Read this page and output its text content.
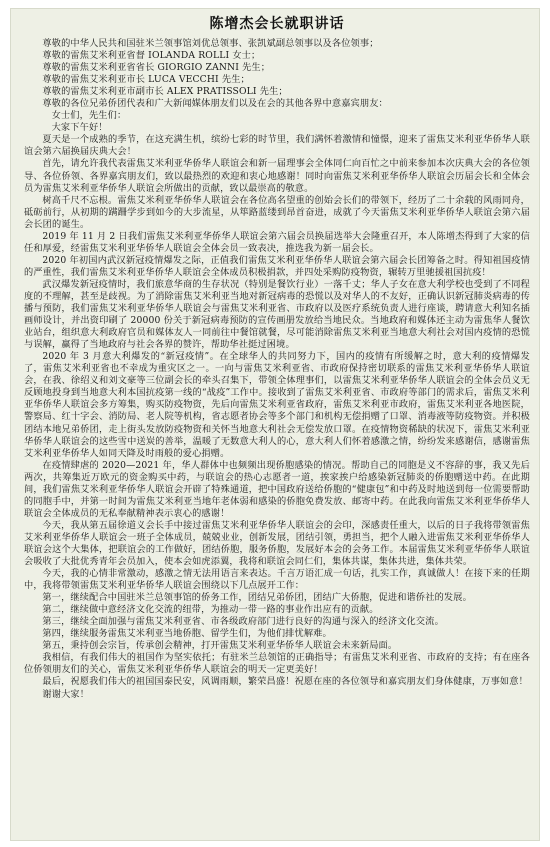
陈增杰会长就职讲话

尊敬的中华人民共和国驻米兰领事馆刘优总领事、张凯斌副总领事以及各位领事；

尊敬的雷焦艾米利亚省督 IOLANDA ROLLI 女士；

尊敬的雷焦艾米利亚省省长 GIORGIO ZANNI 先生；

尊敬的雷焦艾米利亚市长 LUCA VECCHI 先生；

尊敬的雷焦艾米利亚市副市长 ALEX PRATISSOLI 先生；

尊敬的各位兄弟侨团代表和广大新闻媒体朋友们以及在会的其他各界中意嘉宾朋友：

女士们，先生们：

大家下午好！

夏天是一个成熟的季节，在这充满生机，缤纷七彩的时节里，我们满怀着激情和憧憬，迎来了雷焦艾米利亚华侨华人联谊会第六届换届庆典大会！

首先，请允许我代表雷焦艾米利亚华侨华人联谊会和新一届理事会全体同仁向百忙之中前来参加本次庆典大会的各位领导、各位侨领、各界嘉宾朋友们，致以最热烈的欢迎和衷心地感谢！同时向雷焦艾米利亚华侨华人联谊会历届会长和全体会员为雷焦艾米利亚华侨华人联谊会所做出的贡献，致以最崇高的敬意。

树高千尺不忘根。雷焦艾米利亚华侨华人联谊会在各位高名望重的创始会长们的带领下，经历了二十余载的风雨同舟，砥砺前行，从初期的蹒跚学步到如今的大步流星，从筚路蓝缕到昂首奋进，成就了今天雷焦艾米利亚华侨华人联谊会第六届会长团的诞生。

2019 年 11 月 2 日我们雷焦艾米利亚华侨华人联谊会第六届会员换届选举大会隆重召开，本人陈增杰得到了大家的信任和厚爱，经雷焦艾米利亚华侨华人联谊会全体会员一致表决，推选我为新一届会长。

2020 年初国内武汉新冠疫情爆发之际，正值我们雷焦艾米利亚华侨华人联谊会第六届会长团筹备之时。得知祖国疫情的严重性，我们雷焦艾米利亚华侨华人联谊会全体成员积极捐款，并四处采购防疫物资，辗转万里驰援祖国抗疫！

武汉爆发新冠疫情时，我们旅意华商的生存状况（特别是餐饮行业）一落千丈；华人子女在意大利学校也受到了不同程度的不理解，甚至是歧视。为了消除雷焦艾米利亚当地对新冠病毒的恐慌以及对华人的不友好，正确认识新冠肺炎病毒的传播与预防，我们雷焦艾米利亚华侨华人联谊会与雷焦艾米利亚省、市政府以及医疗系统负责人进行座谈，聘请意大利知名插画师设计，并出资印刷了 20000 份关于新冠病毒预防的宣传画册发放给当地民众。当地政府和媒体还主动为雷焦华人餐饮业站台，组织意大利政府官员和媒体友人一同前往中餐馆就餐，尽可能消除雷焦艾米利亚当地意大利社会对国内疫情的恐慌与误解，赢得了当地政府与社会各界的赞许，帮助华社挺过困境。

2020 年 3 月意大利爆发的“新冠疫情”。在全球华人的共同努力下，国内的疫情有所缓解之时，意大利的疫情爆发了，雷焦艾米利亚省也不幸成为重灾区之一。一向与雷焦艾米利亚省、市政府保持密切联系的雷焦艾米利亚华侨华人联谊会，在我、徐绍义和刘文豪等三位副会长的牵头召集下，带领全体理事们，以雷焦艾米利亚华侨华人联谊会的全体会员义无反顾地投身到当地意大利本国抗疫第一线的“战疫”工作中。接收到了雷焦艾米利亚省、市政府等部门的需求后，雷焦艾米利亚华侨华人联谊会多方筹集，购买防疫物资，先后向雷焦艾米利亚省政府，雷焦艾米利亚市政府，雷焦艾米利亚各地医院，警察局、红十字会、消防局、老人院等机构，省志愿者协会等多个部门和机构无偿捐赠了口罩、消毒液等防疫物资。并积极团结本地兄弟侨团，走上街头发放防疫物资和关怀当地意大利社会无偿发放口罩。在疫情物资稀缺的状况下，雷焦艾米利亚华侨华人联谊会的这些雪中送炭的善举，温暖了无数意大利人的心，意大利人们怀着感激之情，纷纷发来感谢信，感谢雷焦艾米利亚华侨华人如同天降及时雨般的爱心捐赠。

在疫情肆虐的 2020—2021 年，华人群体中也频频出现侨胞感染的情况。帮助自己的同胞是义不容辞的事，我又先后两次，共筹集近万欧元的资金购买中药，与联谊会的热心志愿者一道，挨家挨户给感染新冠肺炎的侨胞赠送中药。在此期间，我们雷焦艾米利亚华侨华人联谊会开辟了特殊通道，把中国政府送给侨胞的“健康包”和中药及时地送到每一位需要帮助的同胞手中，并第一时间为雷焦艾米利亚当地年老体弱和感染的侨胞免费发放、邮寄中药。在此我向雷焦艾米利亚华侨华人联谊会全体成员的无私奉献精神表示衷心的感谢！

今天，我从第五届徐道义会长手中接过雷焦艾米利亚华侨华人联谊会的会印，深感责任重大，以后的日子我将带领雷焦艾米利亚华侨华人联谊会一班子全体成员，兢兢业业，创新发展，团结引领，勇担当，把个人融入进雷焦艾米利亚华侨华人联谊会这个大集体，把联谊会的工作做好，团结侨胞，服务侨胞，发展好本会的会务工作。本届雷焦艾米利亚华侨华人联谊会吸收了大批优秀青年会员加入，使本会如虎添翼，我将和联谊会同仁们，集体共谋，集体共进，集体共荣。

今天，我的心情非常激动，感激之情无法用语言来表达。千言万语汇成一句话，扎实工作，真诚做人！在接下来的任期中，我将带领雷焦艾米利亚华侨华人联谊会围绕以下几点展开工作：

第一，继续配合中国驻米兰总领事馆的侨务工作，团结兄弟侨团，团结广大侨胞，促进和谐侨社的发展。

第二，继续做中意经济文化交流的纽带，为推动一带一路的事业作出应有的贡献。

第三，继续全面加强与雷焦艾米利亚省、市各级政府部门进行良好的沟通与深入的经济文化交流。

第四，继续服务雷焦艾米利亚当地侨胞、留学生们，为他们排忧解难。

第五，秉持创会宗旨，传承创会精神，打开雷焦艾米利亚华侨华人联谊会未来新局面。

我相信，有我们伟大的祖国作为坚实依托；有驻米兰总领馆的正确指导；有雷焦艾米利亚省、市政府的支持；有在座各位侨领朋友们的关心，雷焦艾米利亚华侨华人联谊会的明天一定更美好！

最后，祝愿我们伟大的祖国国泰民安，风调雨顺，繁荣昌盛！祝愿在座的各位领导和嘉宾朋友们身体健康，万事如意！

谢谢大家！
